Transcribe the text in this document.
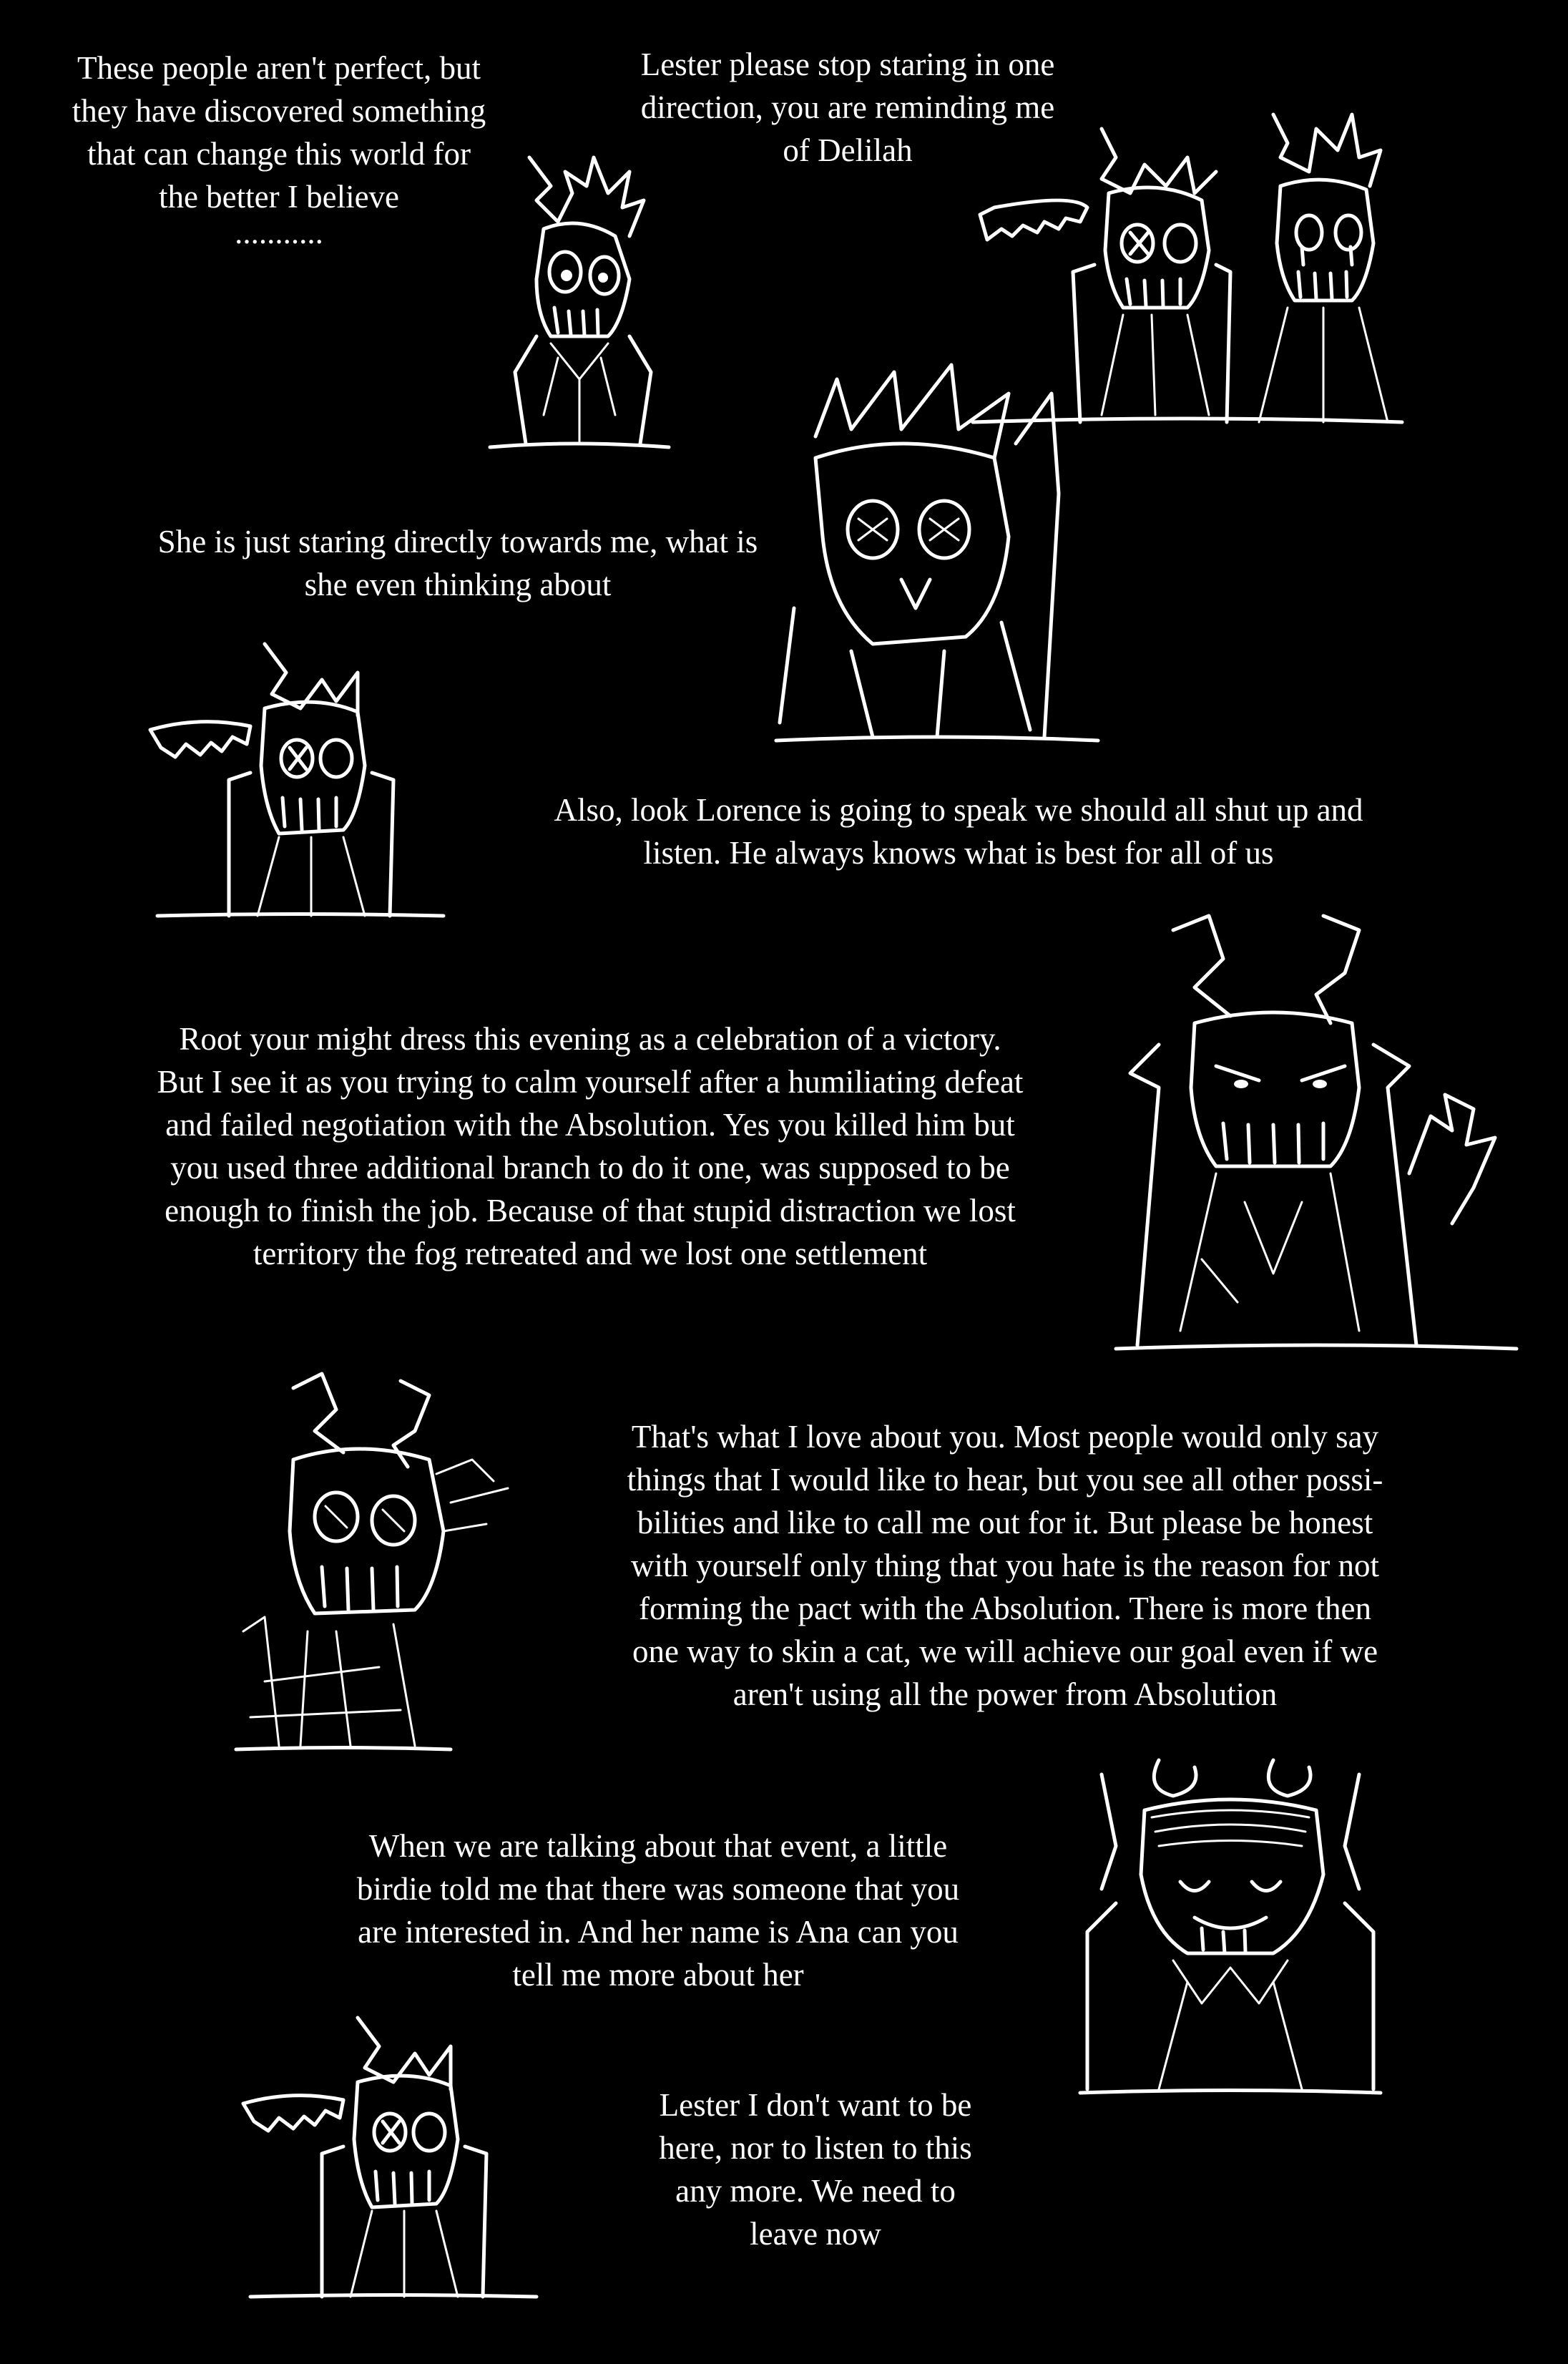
These people aren't perfect, but
they have discovered something
that can change this world for
the better I believe
...........
Lester please stop staring in one
direction, you are reminding me
of Delilah
She is just staring directly towards me, what is
she even thinking about
Also, look Lorence is going to speak we should all shut up and
listen. He always knows what is best for all of us
Root your might dress this evening as a celebration of a victory.
But I see it as you trying to calm yourself after a humiliating defeat
and failed negotiation with the Absolution. Yes you killed him but
you used three additional branch to do it one, was supposed to be
enough to finish the job. Because of that stupid distraction we lost
territory the fog retreated and we lost one settlement
That's what I love about you. Most people would only say
things that I would like to hear, but you see all other possi-
bilities and like to call me out for it. But please be honest
with yourself only thing that you hate is the reason for not
forming the pact with the Absolution. There is more then
one way to skin a cat, we will achieve our goal even if we
aren't using all the power from Absolution
When we are talking about that event, a little
birdie told me that there was someone that you
are interested in. And her name is Ana can you
tell me more about her
Lester I don't want to be
here, nor to listen to this
any more. We need to
leave now
